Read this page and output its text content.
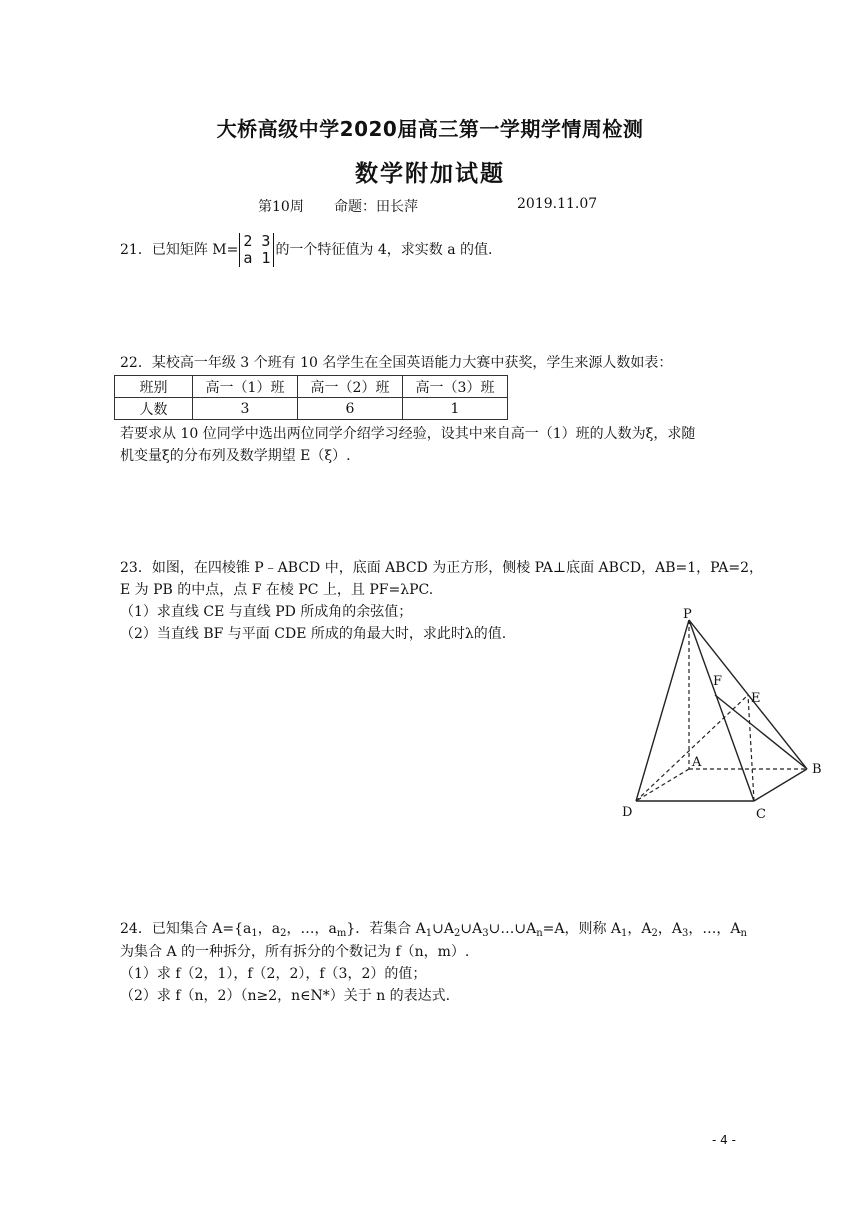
大桥高级中学2020届高三第一学期学情周检测
数学附加试题
第10周 命题：田长萍	2019.11.07
21．已知矩阵 M= 2 3
a 1 的一个特征值为 4，求实数 a 的值.
22．某校高一年级 3 个班有 10 名学生在全国英语能力大赛中获奖，学生来源人数如表：
班别	高一（1）班	高一（2）班	高一（3）班
人数	3	6	1
若要求从 10 位同学中选出两位同学介绍学习经验，设其中来自高一（1）班的人数为ξ，求随
机变量ξ的分布列及数学期望 E（ξ）.
23．如图，在四棱锥 P﹣ABCD 中，底面 ABCD 为正方形，侧棱 PA⊥底面 ABCD，AB=1，PA=2，
E 为 PB 的中点，点 F 在棱 PC 上，且 PF=λPC.
（1）求直线 CE 与直线 PD 所成角的余弦值；
（2）当直线 BF 与平面 CDE 所成的角最大时，求此时λ的值.
P
F
E
A	B
C
D
24．已知集合 $A=\{a_1$，$a_2$，…，$a_m$}．若集合 $A_1\cup A_2\cup A_3\cup\dots\cup A_n=A$，则称 $A_1$，$A_2$，$A_3$，…，$A_n$
为集合 A 的一种拆分，所有拆分的个数记为 f（n，m）.
（1）求 f（2，1），f（2，2），f（3，2）的值；
（2）求 f（n，2）（n≥2，n∈N*）关于 n 的表达式.
- 4 -
